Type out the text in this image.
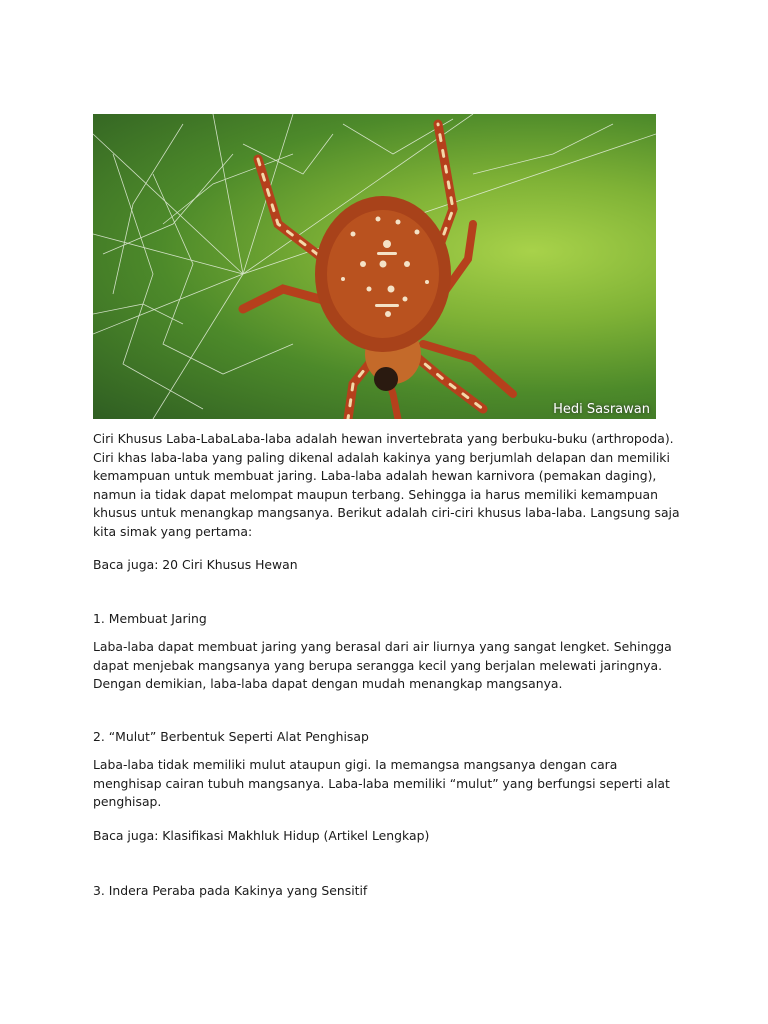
Hedi Sasrawan

Ciri Khusus Laba-LabaLaba-laba adalah hewan invertebrata yang berbuku-buku (arthropoda). Ciri khas laba-laba yang paling dikenal adalah kakinya yang berjumlah delapan dan memiliki kemampuan untuk membuat jaring. Laba-laba adalah hewan karnivora (pemakan daging), namun ia tidak dapat melompat maupun terbang. Sehingga ia harus memiliki kemampuan khusus untuk menangkap mangsanya. Berikut adalah ciri-ciri khusus laba-laba. Langsung saja kita simak yang pertama:

Baca juga: 20 Ciri Khusus Hewan

1. Membuat Jaring

Laba-laba dapat membuat jaring yang berasal dari air liurnya yang sangat lengket. Sehingga dapat menjebak mangsanya yang berupa serangga kecil yang berjalan melewati jaringnya. Dengan demikian, laba-laba dapat dengan mudah menangkap mangsanya.

2. “Mulut” Berbentuk Seperti Alat Penghisap

Laba-laba tidak memiliki mulut ataupun gigi. Ia memangsa mangsanya dengan cara menghisap cairan tubuh mangsanya. Laba-laba memiliki “mulut” yang berfungsi seperti alat penghisap.

Baca juga: Klasifikasi Makhluk Hidup (Artikel Lengkap)

3. Indera Peraba pada Kakinya yang Sensitif
